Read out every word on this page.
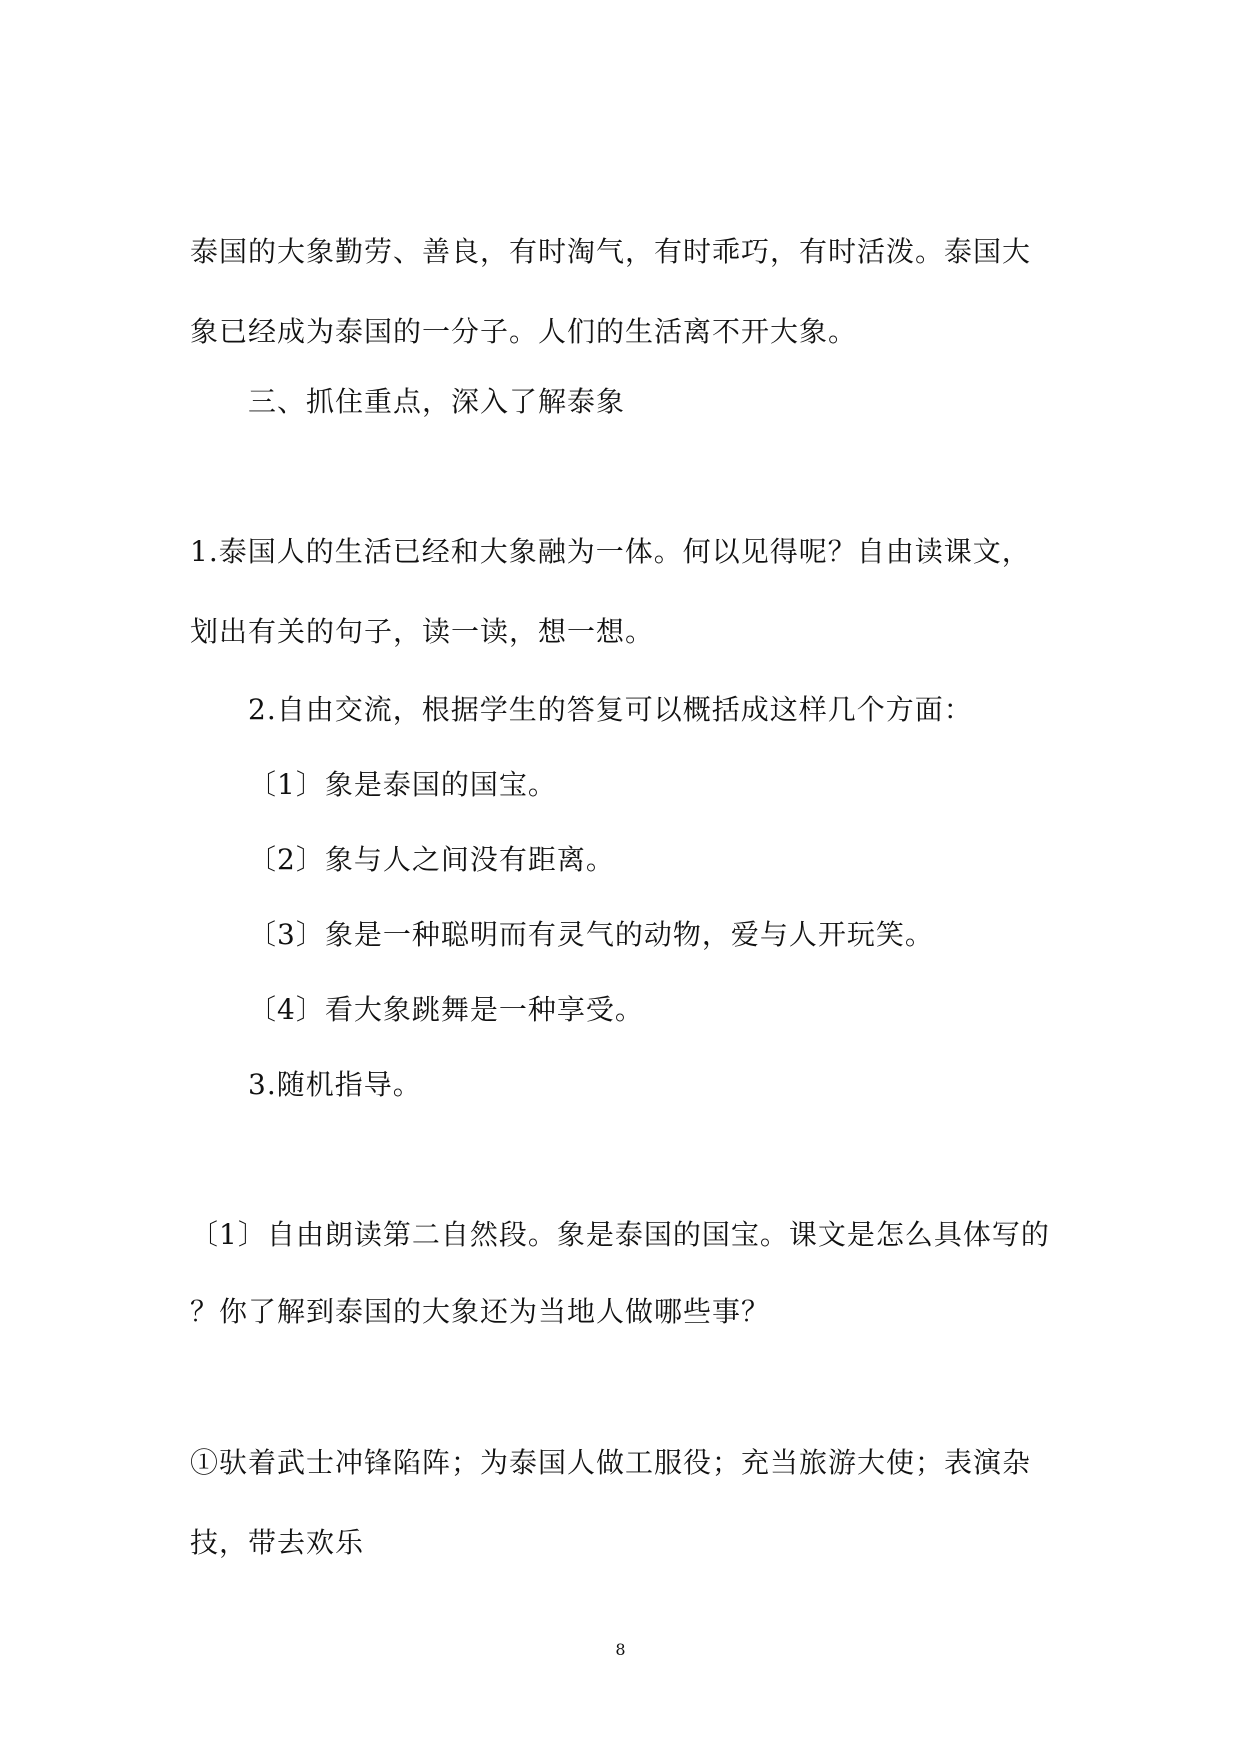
泰国的大象勤劳、善良，有时淘气，有时乖巧，有时活泼。泰国大
象已经成为泰国的一分子。人们的生活离不开大象。
三、抓住重点，深入了解泰象
1.泰国人的生活已经和大象融为一体。何以见得呢？自由读课文，
划出有关的句子，读一读，想一想。
2.自由交流，根据学生的答复可以概括成这样几个方面：
〔1〕象是泰国的国宝。
〔2〕象与人之间没有距离。
〔3〕象是一种聪明而有灵气的动物，爱与人开玩笑。
〔4〕看大象跳舞是一种享受。
3.随机指导。
〔1〕自由朗读第二自然段。象是泰国的国宝。课文是怎么具体写的
？你了解到泰国的大象还为当地人做哪些事？
①驮着武士冲锋陷阵；为泰国人做工服役；充当旅游大使；表演杂
技，带去欢乐
8
